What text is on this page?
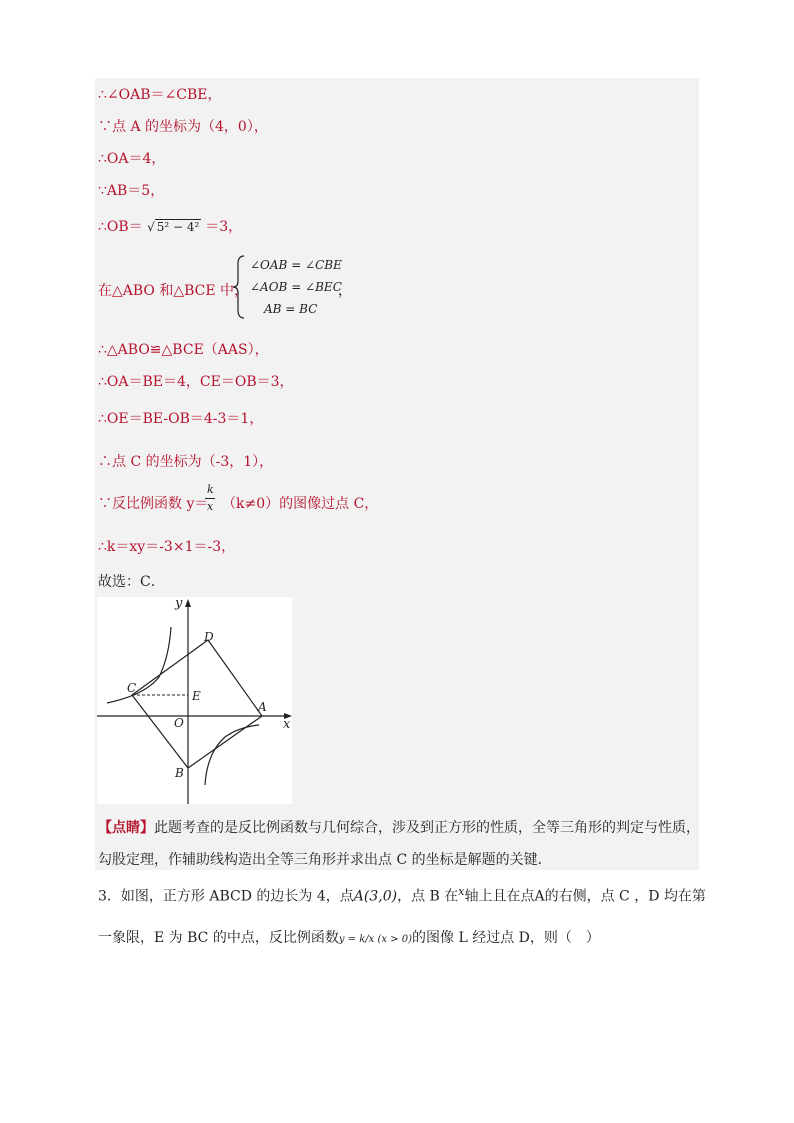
∴∠OAB＝∠CBE，
∵点 A 的坐标为（4，0），
∴OA＝4，
∵AB＝5，
∴OB＝ √ 5² − 4² ＝3，
在△ABO 和△BCE 中，
∠OAB = ∠CBE
∠AOB = ∠BEC
AB = BC
，
∴△ABO≌△BCE（AAS），
∴OA＝BE＝4，CE＝OB＝3，
∴OE＝BE-OB＝4-3＝1，
∴点 C 的坐标为（-3，1），
∵反比例函数 y＝
k
x （k≠0）的图像过点 C，
∴k＝xy＝-3×1＝-3，
故选：C．
y
x
D
C
E
A
O
B
【点睛】此题考查的是反比例函数与几何综合，涉及到正方形的性质，全等三角形的判定与性质，
勾股定理，作辅助线构造出全等三角形并求出点 C 的坐标是解题的关键．
3．如图，正方形 ABCD 的边长为 4，点A(3,0)，点 B 在$^x$轴上且在点A的右侧，点 C ，D 均在第
一象限，E 为 BC 的中点，反比例函数y = k/x (x > 0)的图像 L 经过点 D，则（　）
